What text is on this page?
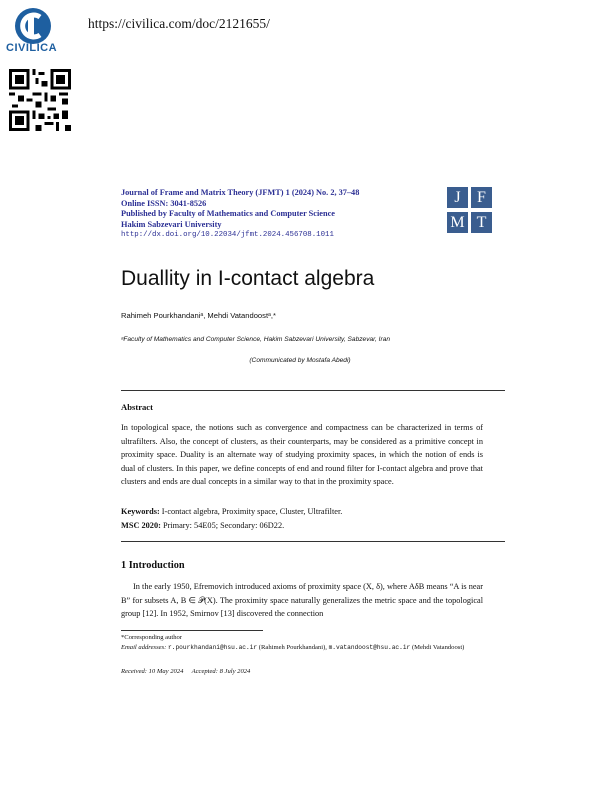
CIVILICA
https://civilica.com/doc/2121655/
Journal of Frame and Matrix Theory (JFMT) 1 (2024) No. 2, 37–48
Online ISSN: 3041-8526
Published by Faculty of Mathematics and Computer Science
Hakim Sabzevari University
http://dx.doi.org/10.22034/jfmt.2024.456708.1011
J	F
M T
Duallity in I-contact algebra
Rahimeh Pourkhandaniᵃ, Mehdi Vatandoostᵃ,*
ᵃFaculty of Mathematics and Computer Science, Hakim Sabzevari University, Sabzevar, Iran
(Communicated by Mostafa Abedi)
Abstract
In topological space, the notions such as convergence and compactness can be characterized in terms of ultrafilters. Also, the concept of clusters, as their counterparts, may be considered as a primitive concept in proximity space. Duality is an alternate way of studying proximity spaces, in which the notion of ends is dual of clusters. In this paper, we define concepts of end and round filter for I-contact algebra and prove that clusters and ends are dual concepts in a similar way to that in the proximity space.
Keywords: I-contact algebra, Proximity space, Cluster, Ultrafilter.
MSC 2020: Primary: 54E05; Secondary: 06D22.
1 Introduction

In the early 1950, Efremovich introduced axioms of proximity space (X, δ), where AδB means “A is near B” for subsets A, B ∈ 𝒫(X). The proximity space naturally generalizes the metric space and the topological group [12]. In 1952, Smirnov [13] discovered the connection

*Corresponding author
Email addresses: r.pourkhandani@hsu.ac.ir (Rahimeh Pourkhandani), m.vatandoost@hsu.ac.ir (Mehdi Vatandoost)
Received: 10 May 2024 Accepted: 8 July 2024
